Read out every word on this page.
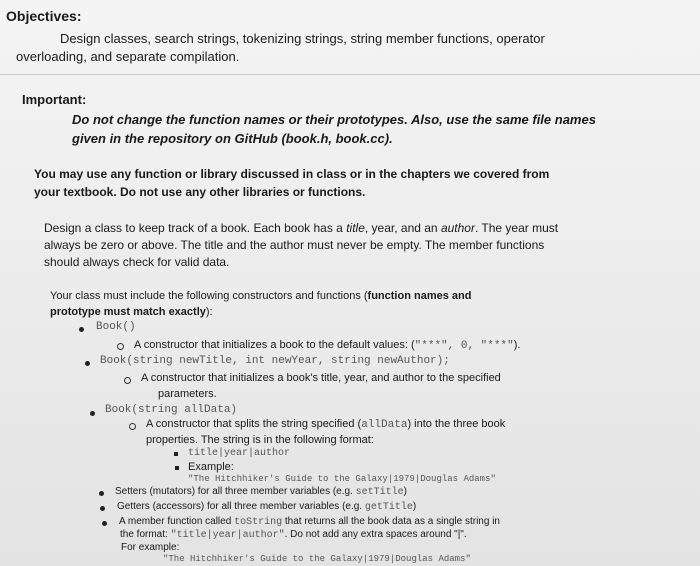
Objectives:
Design classes, search strings, tokenizing strings, string member functions, operator
overloading, and separate compilation.
Important:
Do not change the function names or their prototypes. Also, use the same file names
given in the repository on GitHub (book.h, book.cc).
You may use any function or library discussed in class or in the chapters we covered from
your textbook. Do not use any other libraries or functions.
Design a class to keep track of a book. Each book has a title, year, and an author. The year must
always be zero or above. The title and the author must never be empty. The member functions
should always check for valid data.
Your class must include the following constructors and functions (function names and
prototype must match exactly):
Book()
A constructor that initializes a book to the default values: ("***", 0, "***").
Book(string newTitle, int newYear, string newAuthor);
A constructor that initializes a book's title, year, and author to the specified
parameters.
Book(string allData)
A constructor that splits the string specified (allData) into the three book
properties. The string is in the following format:
title|year|author
Example:
"The Hitchhiker's Guide to the Galaxy|1979|Douglas Adams"
Setters (mutators) for all three member variables (e.g. setTitle)
Getters (accessors) for all three member variables (e.g. getTitle)
A member function called toString that returns all the book data as a single string in
the format: "title|year|author". Do not add any extra spaces around "|".
For example:
"The Hitchhiker's Guide to the Galaxy|1979|Douglas Adams"
